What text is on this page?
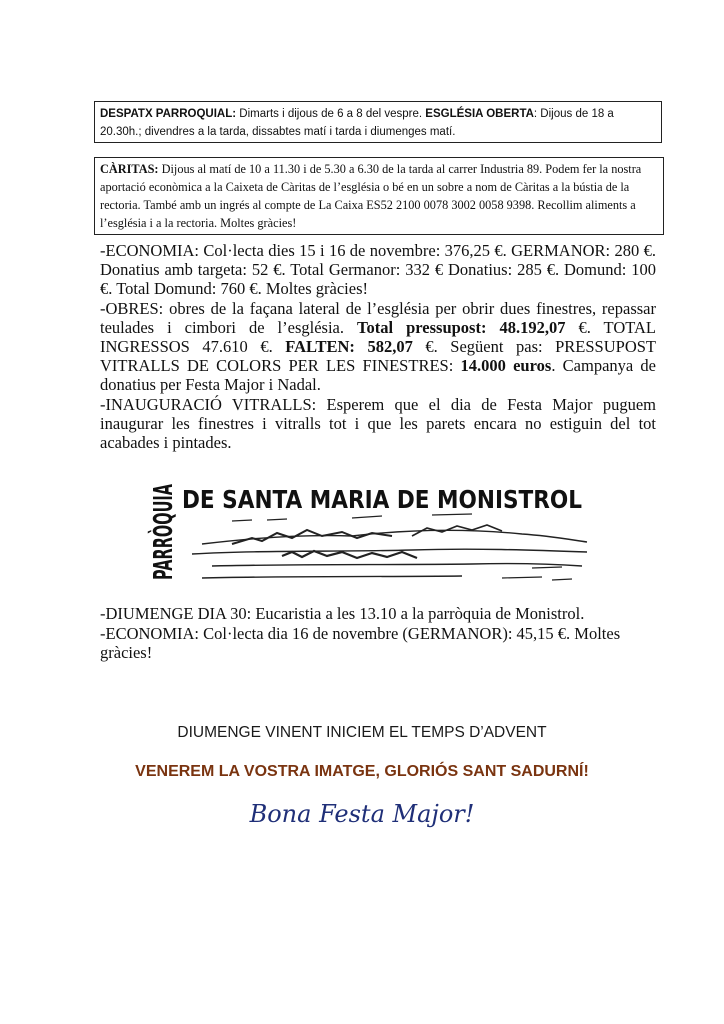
DESPATX PARROQUIAL: Dimarts i dijous de 6 a 8 del vespre. ESGLÉSIA OBERTA: Dijous de 18 a 20.30h.; divendres a la tarda, dissabtes matí i tarda i diumenges matí.
CÀRITAS: Dijous al matí de 10 a 11.30 i de 5.30 a 6.30 de la tarda al carrer Industria 89. Podem fer la nostra aportació econòmica a la Caixeta de Càritas de l’església o bé en un sobre a nom de Càritas a la bústia de la rectoria. També amb un ingrés al compte de La Caixa ES52 2100 0078 3002 0058 9398. Recollim aliments a l’església i a la rectoria. Moltes gràcies!

-ECONOMIA: Col·lecta dies 15 i 16 de novembre: 376,25 €. GERMANOR: 280 €. Donatius amb targeta: 52 €. Total Germanor: 332 € Donatius: 285 €. Domund: 100 €. Total Domund: 760 €. Moltes gràcies!

-OBRES: obres de la façana lateral de l’església per obrir dues finestres, repassar teulades i cimbori de l’església. Total pressupost: 48.192,07 €. TOTAL INGRESSOS 47.610 €. FALTEN: 582,07 €. Següent pas: PRESSUPOST VITRALLS DE COLORS PER LES FINESTRES: 14.000 euros. Campanya de donatius per Festa Major i Nadal.

-INAUGURACIÓ VITRALLS: Esperem que el dia de Festa Major puguem inaugurar les finestres i vitralls tot i que les parets encara no estiguin del tot acabades i pintades.

PARRÒQUIA DE SANTA MARIA DE MONISTROL

-DIUMENGE DIA 30: Eucaristia a les 13.10 a la parròquia de Monistrol.

-ECONOMIA: Col·lecta dia 16 de novembre (GERMANOR): 45,15 €. Moltes gràcies!

DIUMENGE VINENT INICIEM EL TEMPS D’ADVENT
VENEREM LA VOSTRA IMATGE, GLORIÓS SANT SADURNÍ!
Bona Festa Major!
